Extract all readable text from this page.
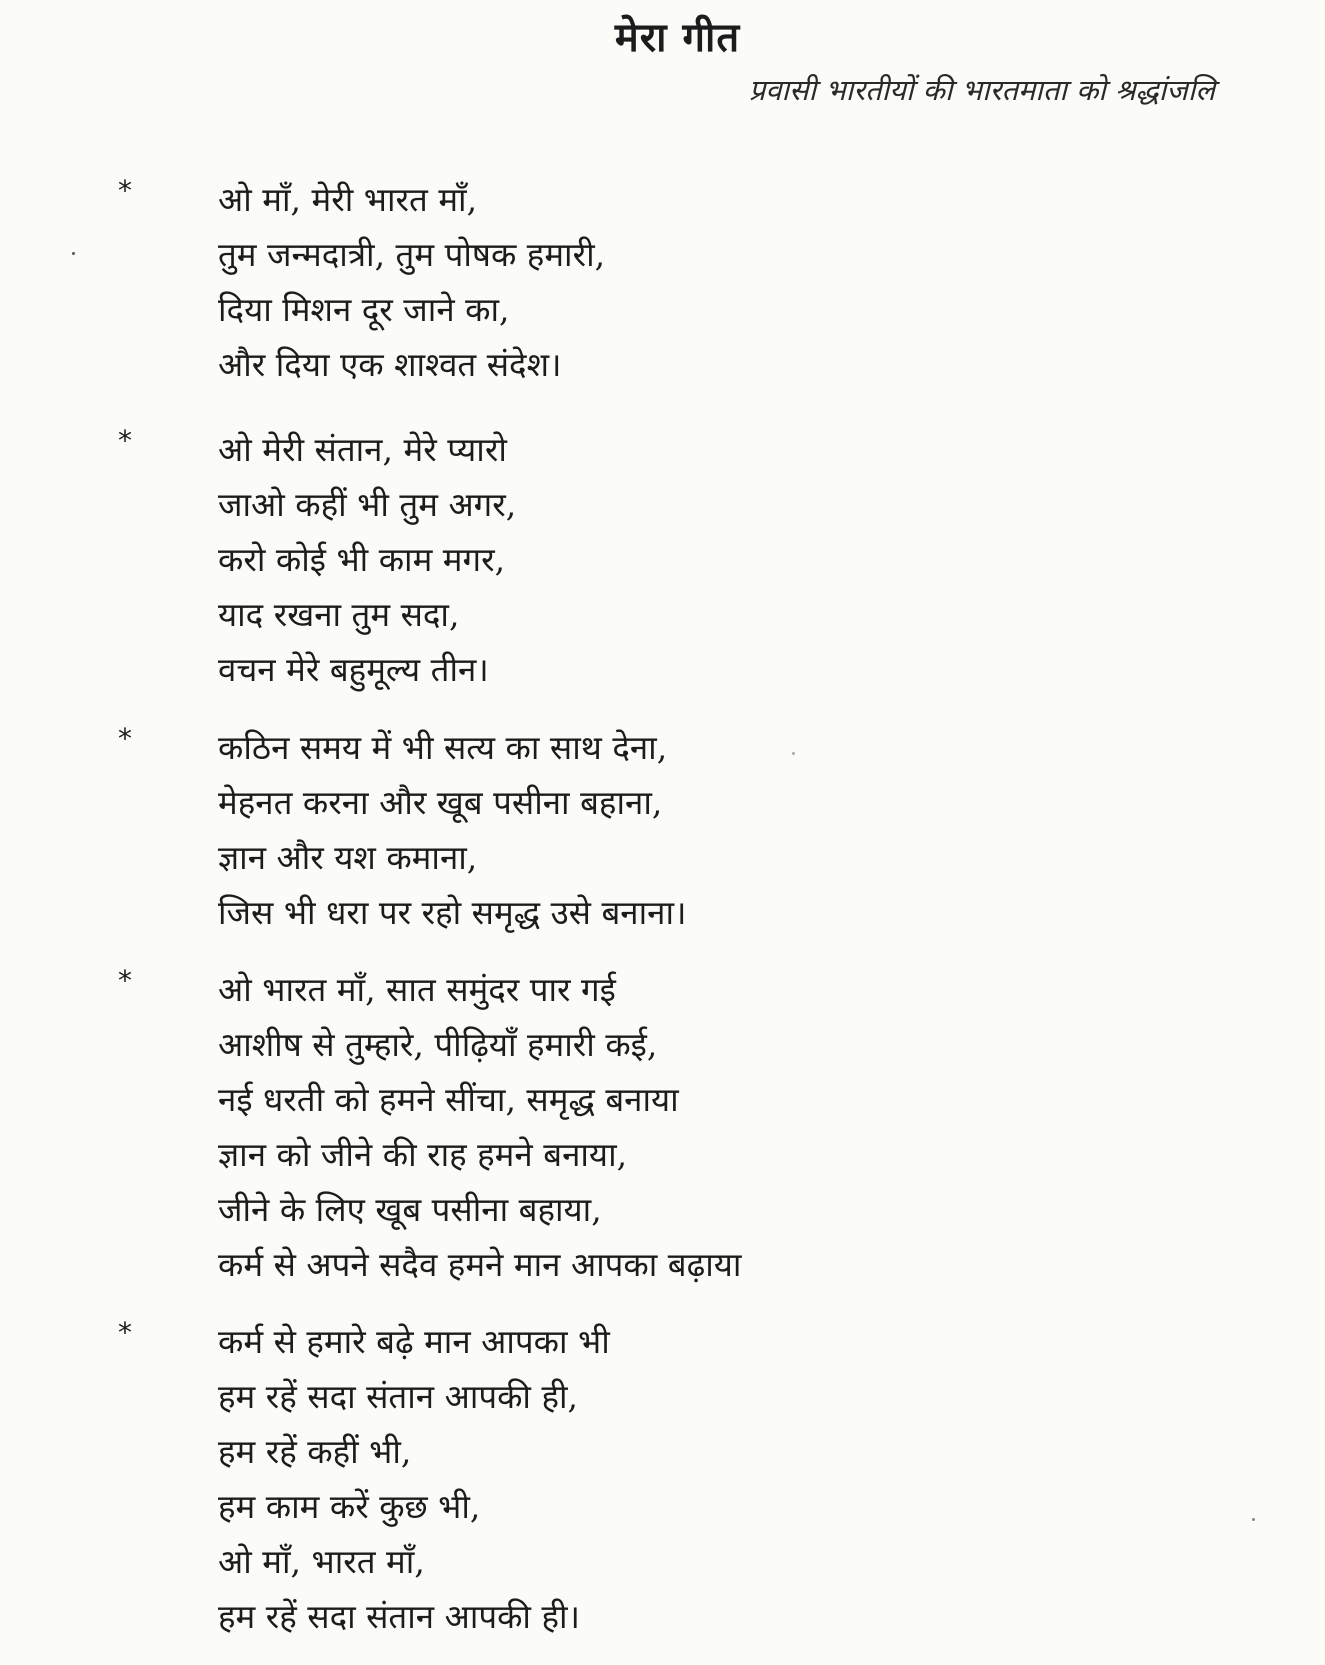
मेरा गीत
प्रवासी भारतीयों की भारतमाता को श्रद्धांजलि
*	ओ माँ, मेरी भारत माँ,
तुम जन्मदात्री, तुम पोषक हमारी,
दिया मिशन दूर जाने का,
और दिया एक शाश्वत संदेश।
*	ओ मेरी संतान, मेरे प्यारो
जाओ कहीं भी तुम अगर,
करो कोई भी काम मगर,
याद रखना तुम सदा,
वचन मेरे बहुमूल्य तीन।
*	कठिन समय में भी सत्य का साथ देना,
मेहनत करना और खूब पसीना बहाना,
ज्ञान और यश कमाना,
जिस भी धरा पर रहो समृद्ध उसे बनाना।
*	ओ भारत माँ, सात समुंदर पार गई
आशीष से तुम्हारे, पीढ़ियाँ हमारी कई,
नई धरती को हमने सींचा, समृद्ध बनाया
ज्ञान को जीने की राह हमने बनाया,
जीने के लिए खूब पसीना बहाया,
कर्म से अपने सदैव हमने मान आपका बढ़ाया
*	कर्म से हमारे बढ़े मान आपका भी
हम रहें सदा संतान आपकी ही,
हम रहें कहीं भी,
हम काम करें कुछ भी,
ओ माँ, भारत माँ,
हम रहें सदा संतान आपकी ही।
